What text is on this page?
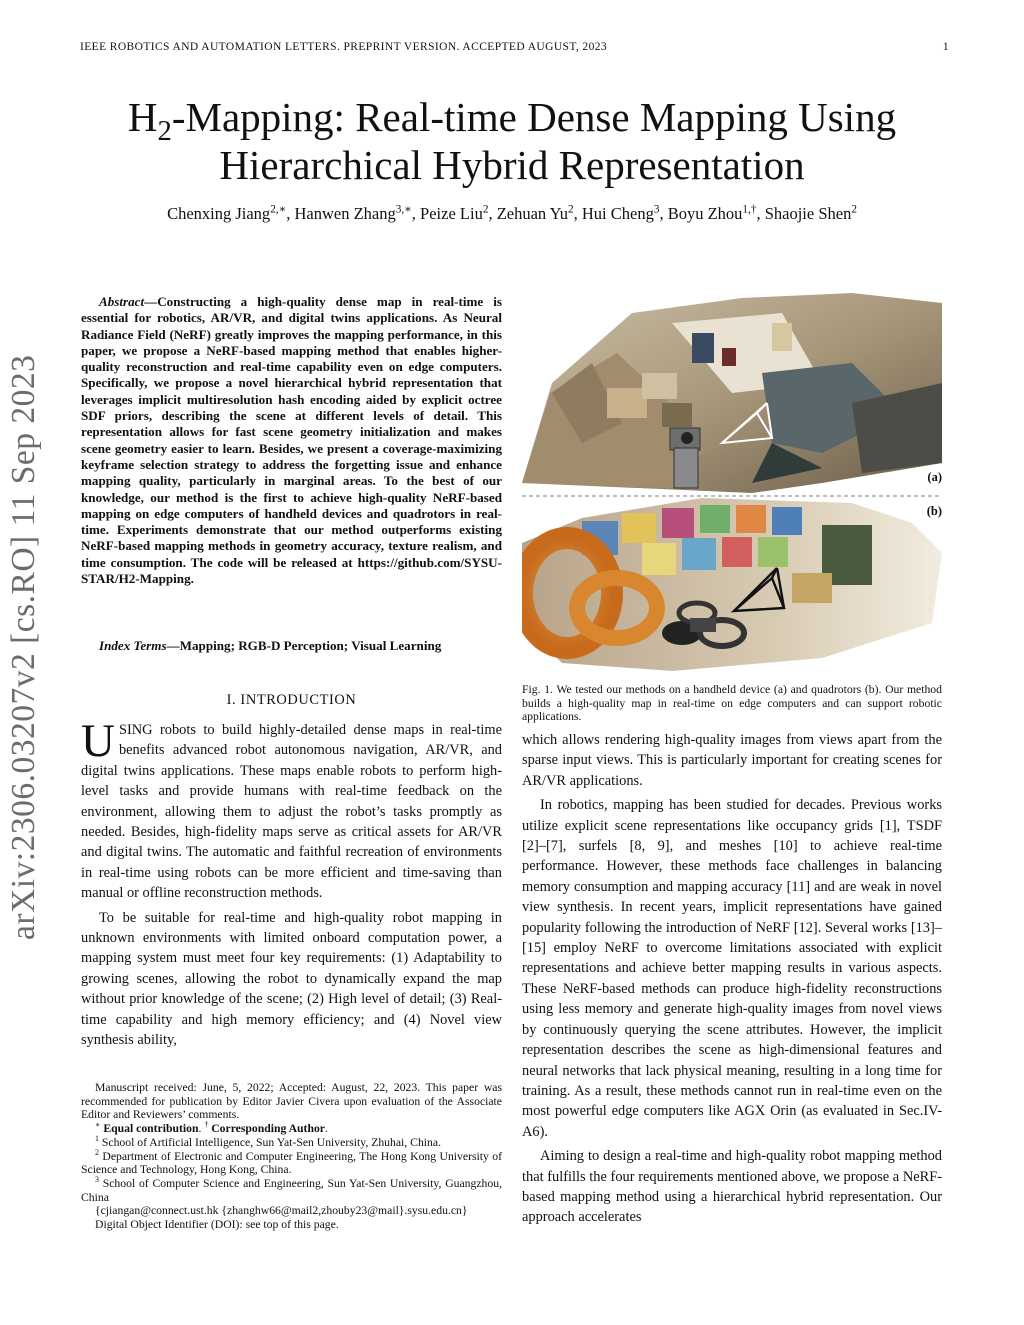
IEEE ROBOTICS AND AUTOMATION LETTERS. PREPRINT VERSION. ACCEPTED AUGUST, 2023	1
arXiv:2306.03207v2 [cs.RO] 11 Sep 2023
$H_2$-Mapping: Real-time Dense Mapping Using
Hierarchical Hybrid Representation
Chenxing Jiang$^{2,∗}$, Hanwen Zhang$^{3,∗}$, Peize Liu$^2$, Zehuan Yu$^2$, Hui Cheng$^3$, Boyu Zhou$^{1,\dagger}$, Shaojie Shen$^2$

Abstract—Constructing a high-quality dense map in real-time is essential for robotics, AR/VR, and digital twins applications. As Neural Radiance Field (NeRF) greatly improves the mapping performance, in this paper, we propose a NeRF-based mapping method that enables higher-quality reconstruction and real-time capability even on edge computers. Specifically, we propose a novel hierarchical hybrid representation that leverages implicit multiresolution hash encoding aided by explicit octree SDF priors, describing the scene at different levels of detail. This representation allows for fast scene geometry initialization and makes scene geometry easier to learn. Besides, we present a coverage-maximizing keyframe selection strategy to address the forgetting issue and enhance mapping quality, particularly in marginal areas. To the best of our knowledge, our method is the first to achieve high-quality NeRF-based mapping on edge computers of handheld devices and quadrotors in real-time. Experiments demonstrate that our method outperforms existing NeRF-based mapping methods in geometry accuracy, texture realism, and time consumption. The code will be released at https://github.com/SYSU-STAR/H2-Mapping.

Index Terms—Mapping; RGB-D Perception; Visual Learning

I. INTRODUCTION

USING robots to build highly-detailed dense maps in real-time benefits advanced robot autonomous navigation, AR/VR, and digital twins applications. These maps enable robots to perform high-level tasks and provide humans with real-time feedback on the environment, allowing them to adjust the robot’s tasks promptly as needed. Besides, high-fidelity maps serve as critical assets for AR/VR and digital twins. The automatic and faithful recreation of environments in real-time using robots can be more efficient and time-saving than manual or offline reconstruction methods.

To be suitable for real-time and high-quality robot mapping in unknown environments with limited onboard computation power, a mapping system must meet four key requirements: (1) Adaptability to growing scenes, allowing the robot to dynamically expand the map without prior knowledge of the scene; (2) High level of detail; (3) Real-time capability and high memory efficiency; and (4) Novel view synthesis ability,

Manuscript received: June, 5, 2022; Accepted: August, 22, 2023. This paper was recommended for publication by Editor Javier Civera upon evaluation of the Associate Editor and Reviewers’ comments.

∗ Equal contribution. † Corresponding Author.

$^1$ School of Artificial Intelligence, Sun Yat-Sen University, Zhuhai, China.

$^2$ Department of Electronic and Computer Engineering, The Hong Kong University of Science and Technology, Hong Kong, China.

$^3$ School of Computer Science and Engineering, Sun Yat-Sen University, Guangzhou, China

{cjiangan@connect.ust.hk {zhanghw66@mail2,zhouby23@mail}.sysu.edu.cn}

Digital Object Identifier (DOI): see top of this page.

(a)
(b)
Fig. 1. We tested our methods on a handheld device (a) and quadrotors (b). Our method builds a high-quality map in real-time on edge computers and can support robotic applications.

which allows rendering high-quality images from views apart from the sparse input views. This is particularly important for creating scenes for AR/VR applications.

In robotics, mapping has been studied for decades. Previous works utilize explicit scene representations like occupancy grids [1], TSDF [2]–[7], surfels [8, 9], and meshes [10] to achieve real-time performance. However, these methods face challenges in balancing memory consumption and mapping accuracy [11] and are weak in novel view synthesis. In recent years, implicit representations have gained popularity following the introduction of NeRF [12]. Several works [13]–[15] employ NeRF to overcome limitations associated with explicit representations and achieve better mapping results in various aspects. These NeRF-based methods can produce high-fidelity reconstructions using less memory and generate high-quality images from novel views by continuously querying the scene attributes. However, the implicit representation describes the scene as high-dimensional features and neural networks that lack physical meaning, resulting in a long time for training. As a result, these methods cannot run in real-time even on the most powerful edge computers like AGX Orin (as evaluated in Sec.IV-A6).

Aiming to design a real-time and high-quality robot mapping method that fulfills the four requirements mentioned above, we propose a NeRF-based mapping method using a hierarchical hybrid representation. Our approach accelerates
